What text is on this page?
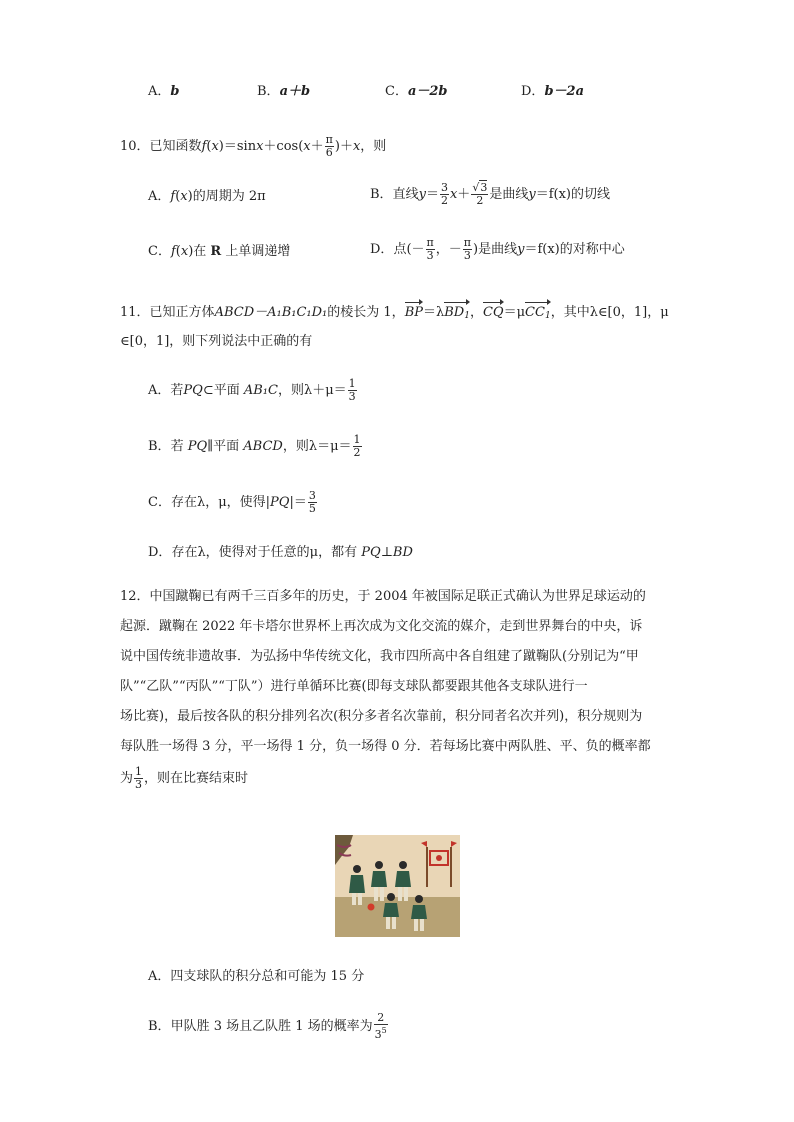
A．b	B．a＋b	C．a－2b	D．b－2a
10．已知函数$f(x)=\sin x+\cos(x+ \frac{\pi}{6} )+x$，则
A．f(x)的周期为 2π	B．直线$y= \frac{3}{2} x+ \frac{√3}{2}$ 是曲线y＝f(x)的切线
C．f(x)在 R 上单调递增	D．点(－ $\frac{\pi}{3}$ ，－ $\frac{\pi}{3}$ )是曲线y＝f(x)的对称中心
11．已知正方体ABCD－A₁B₁C₁D₁的棱长为 1，BP＝λBD$_1$，CQ＝μCC$_1$，其中λ∈[0，1]，μ
∈[0，1]，则下列说法中正确的有
A．若PQ⊂平面 AB₁C，则$\lambda+\mu= \frac{1}{3}$
B．若 PQ∥平面 ABCD，则$\lambda=\mu= \frac{1}{2}$
C．存在λ，μ，使得$|PQ|= \frac{3}{5}$
D．存在λ，使得对于任意的μ，都有 PQ⊥BD
12．中国蹴鞠已有两千三百多年的历史，于 2004 年被国际足联正式确认为世界足球运动的
起源．蹴鞠在 2022 年卡塔尔世界杯上再次成为文化交流的媒介，走到世界舞台的中央，诉
说中国传统非遗故事．为弘扬中华传统文化，我市四所高中各自组建了蹴鞠队(分别记为“甲
队”“乙队”“丙队”“丁队”）进行单循环比赛(即每支球队都要跟其他各支球队进行一
场比赛)，最后按各队的积分排列名次(积分多者名次靠前，积分同者名次并列)，积分规则为
每队胜一场得 3 分，平一场得 1 分，负一场得 0 分．若每场比赛中两队胜、平、负的概率都
为 $\frac{1}{3}$ ，则在比赛结束时
A．四支球队的积分总和可能为 15 分
B．甲队胜 3 场且乙队胜 1 场的概率为 $\frac{2}{3^5}$
